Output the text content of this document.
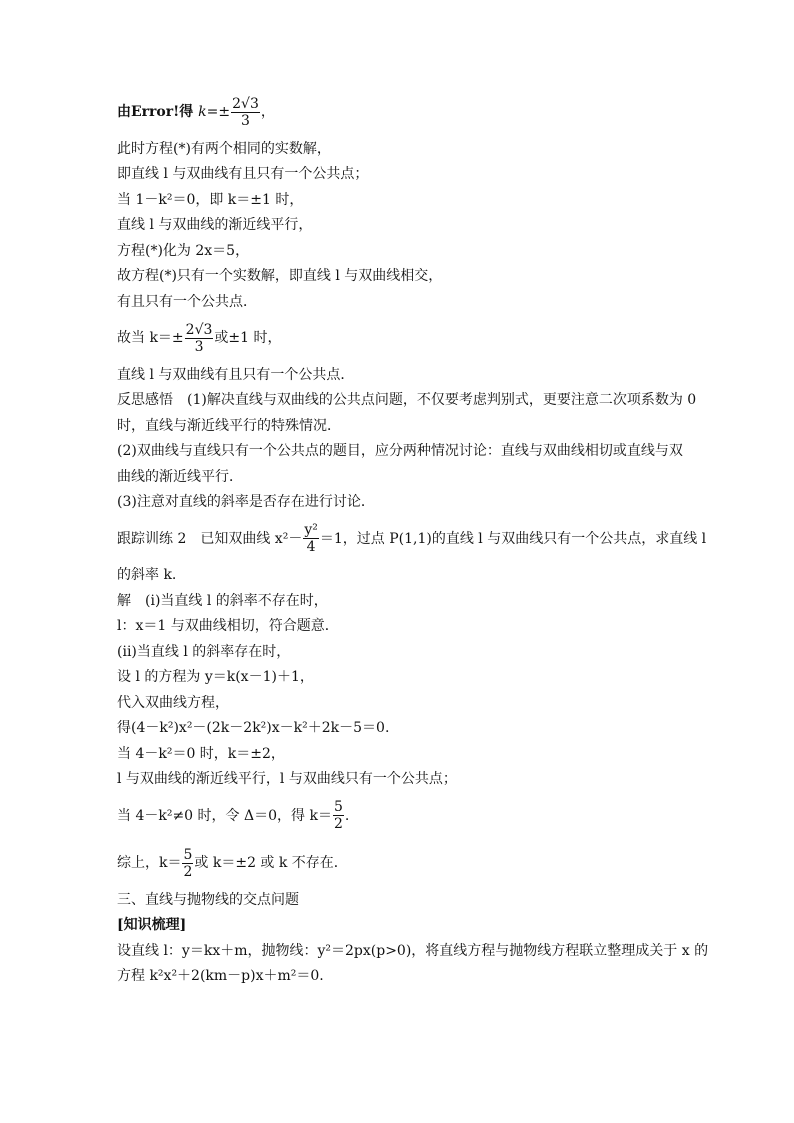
由Error!得 $k=\pm \frac{2√3}{3}$ ，
此时方程(*)有两个相同的实数解，
即直线 l 与双曲线有且只有一个公共点；
当 1－k²＝0，即 k＝±1 时，
直线 l 与双曲线的渐近线平行，
方程(*)化为 2x＝5，
故方程(*)只有一个实数解，即直线 l 与双曲线相交，
有且只有一个公共点．
故当 $k=\pm \frac{2√3}{3}$ 或±1 时，
直线 l 与双曲线有且只有一个公共点．
反思感悟　(1)解决直线与双曲线的公共点问题，不仅要考虑判别式，更要注意二次项系数为 0
时，直线与渐近线平行的特殊情况．
(2)双曲线与直线只有一个公共点的题目，应分两种情况讨论：直线与双曲线相切或直线与双
曲线的渐近线平行．
(3)注意对直线的斜率是否存在进行讨论．
跟踪训练 2　已知双曲线 $x^2- \frac{\text{y²}}{4} =1$，过点 P(1,1)的直线 l 与双曲线只有一个公共点，求直线 l
的斜率 k.
解　(ⅰ)当直线 l 的斜率不存在时，
l：x＝1 与双曲线相切，符合题意．
(ⅱ)当直线 l 的斜率存在时，
设 l 的方程为 y＝k(x－1)＋1，
代入双曲线方程，
得(4－k²)x²－(2k－2k²)x－k²＋2k－5＝0.
当 4－k²＝0 时，k＝±2，
l 与双曲线的渐近线平行，l 与双曲线只有一个公共点；
当 4－k²≠0 时，令 Δ＝0，得 $k= \frac{5}{2}$ .
综上，$k= \frac{5}{2}$ 或 k＝±2 或 k 不存在．
三、直线与抛物线的交点问题
[知识梳理]
设直线 l：y＝kx＋m，抛物线：y²＝2px(p>0)，将直线方程与抛物线方程联立整理成关于 x 的
方程 k²x²＋2(km－p)x＋m²＝0.
